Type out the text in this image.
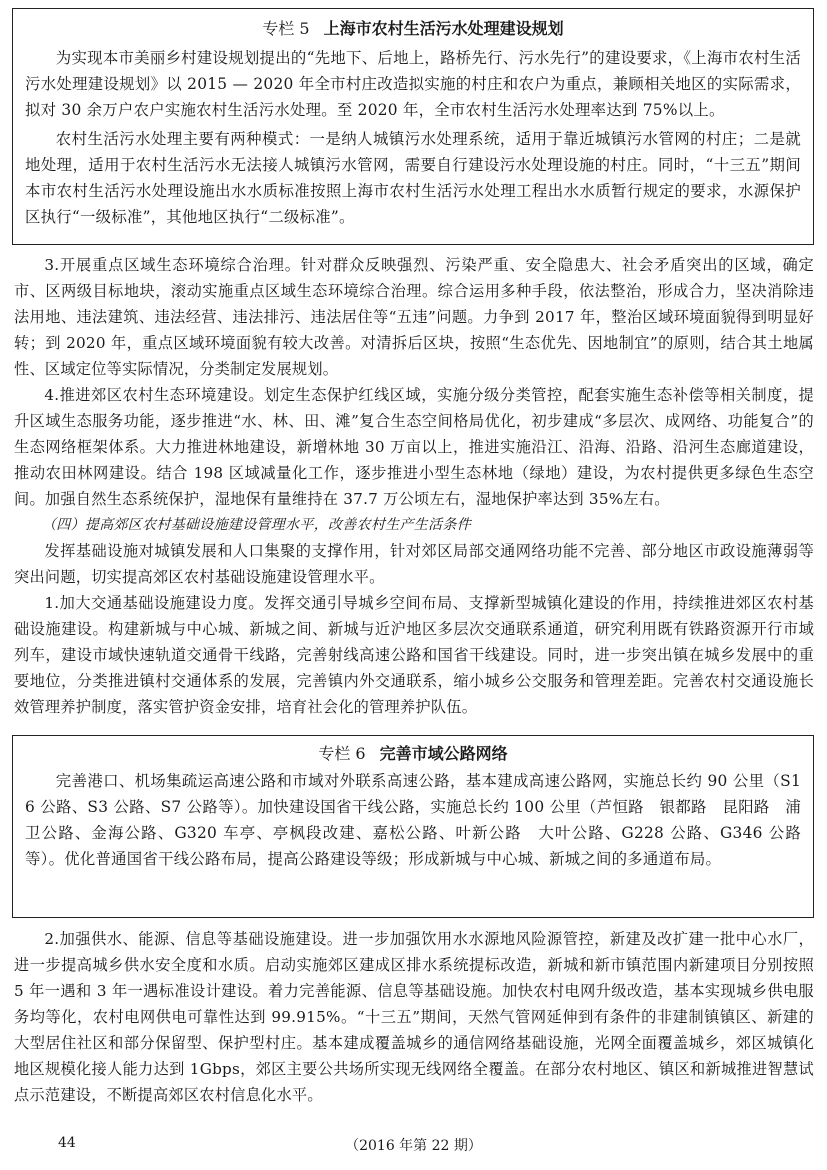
专栏 5 上海市农村生活污水处理建设规划

为实现本市美丽乡村建设规划提出的“先地下、后地上，路桥先行、污水先行”的建设要求，《上海市农村生活污水处理建设规划》以 2015 — 2020 年全市村庄改造拟实施的村庄和农户为重点，兼顾相关地区的实际需求，拟对 30 余万户农户实施农村生活污水处理。至 2020 年，全市农村生活污水处理率达到 75%以上。

农村生活污水处理主要有两种模式：一是纳人城镇污水处理系统，适用于靠近城镇污水管网的村庄；二是就地处理，适用于农村生活污水无法接人城镇污水管网，需要自行建设污水处理设施的村庄。同时，“十三五”期间本市农村生活污水处理设施出水水质标准按照上海市农村生活污水处理工程出水水质暂行规定的要求，水源保护区执行“一级标准”，其他地区执行“二级标准”。

3.开展重点区域生态环境综合治理。针对群众反映强烈、污染严重、安全隐患大、社会矛盾突出的区域，确定市、区两级目标地块，滚动实施重点区域生态环境综合治理。综合运用多种手段，依法整治，形成合力，坚决消除违法用地、违法建筑、违法经营、违法排污、违法居住等“五违”问题。力争到 2017 年，整治区域环境面貌得到明显好转；到 2020 年，重点区域环境面貌有较大改善。对清拆后区块，按照“生态优先、因地制宜”的原则，结合其土地属性、区域定位等实际情况，分类制定发展规划。

4.推进郊区农村生态环境建设。划定生态保护红线区域，实施分级分类管控，配套实施生态补偿等相关制度，提升区域生态服务功能，逐步推进“水、林、田、滩”复合生态空间格局优化，初步建成“多层次、成网络、功能复合”的生态网络框架体系。大力推进林地建设，新增林地 30 万亩以上，推进实施沿江、沿海、沿路、沿河生态廊道建设，推动农田林网建设。结合 198 区域减量化工作，逐步推进小型生态林地（绿地）建设，为农村提供更多绿色生态空间。加强自然生态系统保护，湿地保有量维持在 37.7 万公顷左右，湿地保护率达到 35%左右。

（四）提高郊区农村基础设施建设管理水平，改善农村生产生活条件

发挥基础设施对城镇发展和人口集聚的支撑作用，针对郊区局部交通网络功能不完善、部分地区市政设施薄弱等突出问题，切实提高郊区农村基础设施建设管理水平。

1.加大交通基础设施建设力度。发挥交通引导城乡空间布局、支撑新型城镇化建设的作用，持续推进郊区农村基础设施建设。构建新城与中心城、新城之间、新城与近沪地区多层次交通联系通道，研究利用既有铁路资源开行市域列车，建设市域快速轨道交通骨干线路，完善射线高速公路和国省干线建设。同时，进一步突出镇在城乡发展中的重要地位，分类推进镇村交通体系的发展，完善镇内外交通联系，缩小城乡公交服务和管理差距。完善农村交通设施长效管理养护制度，落实管护资金安排，培育社会化的管理养护队伍。

专栏 6 完善市域公路网络

完善港口、机场集疏运高速公路和市域对外联系高速公路，基本建成高速公路网，实施总长约 90 公里（S16 公路、S3 公路、S7 公路等）。加快建设国省干线公路，实施总长约 100 公里（芦恒路　银都路　昆阳路　浦卫公路、金海公路、G320 车亭、亭枫段改建、嘉松公路、叶新公路　大叶公路、G228 公路、G346 公路等）。优化普通国省干线公路布局，提高公路建设等级；形成新城与中心城、新城之间的多通道布局。

2.加强供水、能源、信息等基础设施建设。进一步加强饮用水水源地风险源管控，新建及改扩建一批中心水厂，进一步提高城乡供水安全度和水质。启动实施郊区建成区排水系统提标改造，新城和新市镇范围内新建项目分别按照 5 年一遇和 3 年一遇标准设计建设。着力完善能源、信息等基础设施。加快农村电网升级改造，基本实现城乡供电服务均等化，农村电网供电可靠性达到 99.915%。“十三五”期间，天然气管网延伸到有条件的非建制镇镇区、新建的大型居住社区和部分保留型、保护型村庄。基本建成覆盖城乡的通信网络基础设施，光网全面覆盖城乡，郊区城镇化地区规模化接人能力达到 1Gbps，郊区主要公共场所实现无线网络全覆盖。在部分农村地区、镇区和新城推进智慧试点示范建设，不断提高郊区农村信息化水平。

44	（2016 年第 22 期）
